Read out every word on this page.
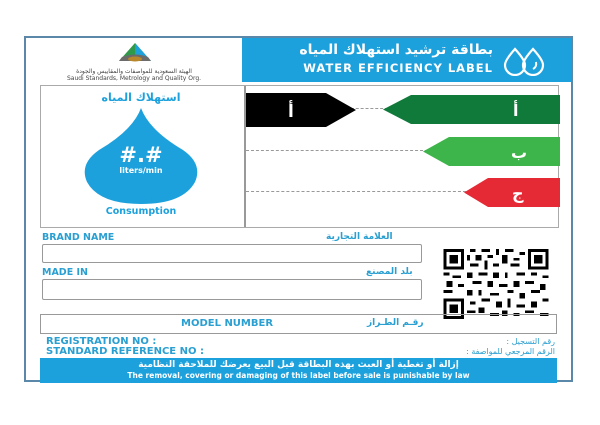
الهيئة السعودية للمواصفات والمقاييس والجودة
Saudi Standards, Metrology and Quality Org.
بطاقة ترشيد استهلاك المياه
WATER EFFICIENCY LABEL
استهلاك المياه
#.#
liters/min
Water
Consumption
أ	أ
ب
ج
BRAND NAME	العلامة التجارية
MADE IN	بلد المصنع
MODEL NUMBER	رقـم الطـراز
REGISTRATION NO :	رقم التسجيل :
STANDARD REFERENCE NO :	الرقم المرجعي للمواصفة :
إزالة أو تغطية أو العبث بهذه البطاقة قبل البيع يعرضك للملاحقة النظامية
The removal, covering or damaging of this label before sale is punishable by law
